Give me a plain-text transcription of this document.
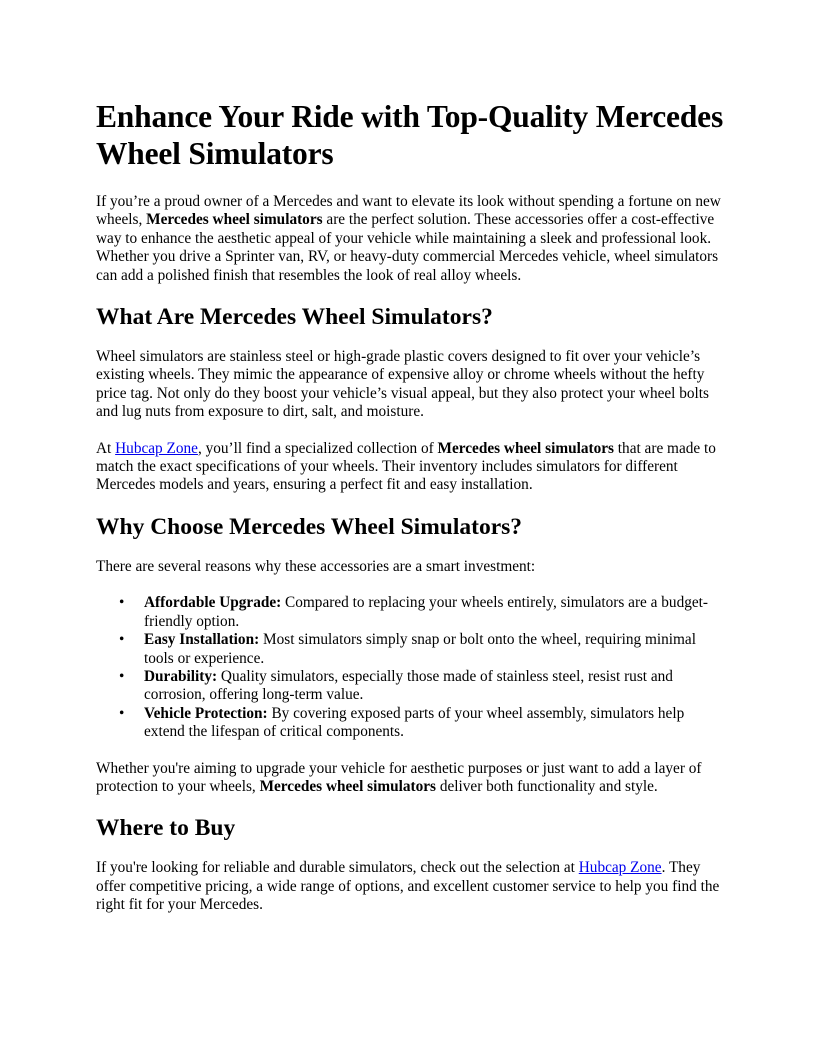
Enhance Your Ride with Top-Quality Mercedes Wheel Simulators

If you’re a proud owner of a Mercedes and want to elevate its look without spending a fortune on new wheels, Mercedes wheel simulators are the perfect solution. These accessories offer a cost-effective way to enhance the aesthetic appeal of your vehicle while maintaining a sleek and professional look. Whether you drive a Sprinter van, RV, or heavy-duty commercial Mercedes vehicle, wheel simulators can add a polished finish that resembles the look of real alloy wheels.

What Are Mercedes Wheel Simulators?

Wheel simulators are stainless steel or high-grade plastic covers designed to fit over your vehicle’s existing wheels. They mimic the appearance of expensive alloy or chrome wheels without the hefty price tag. Not only do they boost your vehicle’s visual appeal, but they also protect your wheel bolts and lug nuts from exposure to dirt, salt, and moisture.

At Hubcap Zone, you’ll find a specialized collection of Mercedes wheel simulators that are made to match the exact specifications of your wheels. Their inventory includes simulators for different Mercedes models and years, ensuring a perfect fit and easy installation.

Why Choose Mercedes Wheel Simulators?

There are several reasons why these accessories are a smart investment:

• Affordable Upgrade: Compared to replacing your wheels entirely, simulators are a budget-friendly option.
• Easy Installation: Most simulators simply snap or bolt onto the wheel, requiring minimal tools or experience.
• Durability: Quality simulators, especially those made of stainless steel, resist rust and corrosion, offering long-term value.
• Vehicle Protection: By covering exposed parts of your wheel assembly, simulators help extend the lifespan of critical components.

Whether you're aiming to upgrade your vehicle for aesthetic purposes or just want to add a layer of protection to your wheels, Mercedes wheel simulators deliver both functionality and style.

Where to Buy

If you're looking for reliable and durable simulators, check out the selection at Hubcap Zone. They offer competitive pricing, a wide range of options, and excellent customer service to help you find the right fit for your Mercedes.
